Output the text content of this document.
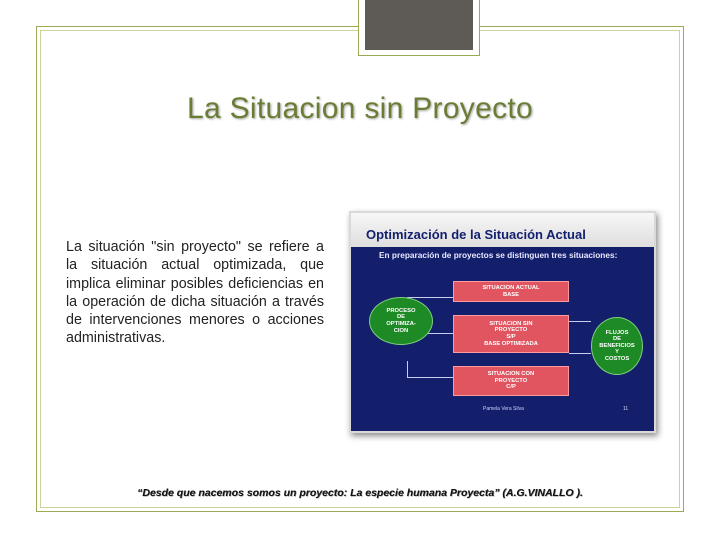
La Situacion sin Proyecto
La situación "sin proyecto" se refiere a la situación actual optimizada, que implica eliminar posibles deficiencias en la operación de dicha situación a través de intervenciones menores o acciones administrativas.
Optimización de la Situación Actual
En preparación de proyectos se distinguen tres situaciones:
PROCESO
DE
OPTIMIZA-
CION
SITUACION ACTUAL
BASE
SITUACION SIN
PROYECTO
S/P
BASE OPTIMIZADA
SITUACION CON
PROYECTO
C/P
FLUJOS
DE
BENEFICIOS
Y
COSTOS
Pamela Vera Silva	11
“Desde que nacemos somos un proyecto: La especie humana Proyecta” (A.G.VINALLO ).
